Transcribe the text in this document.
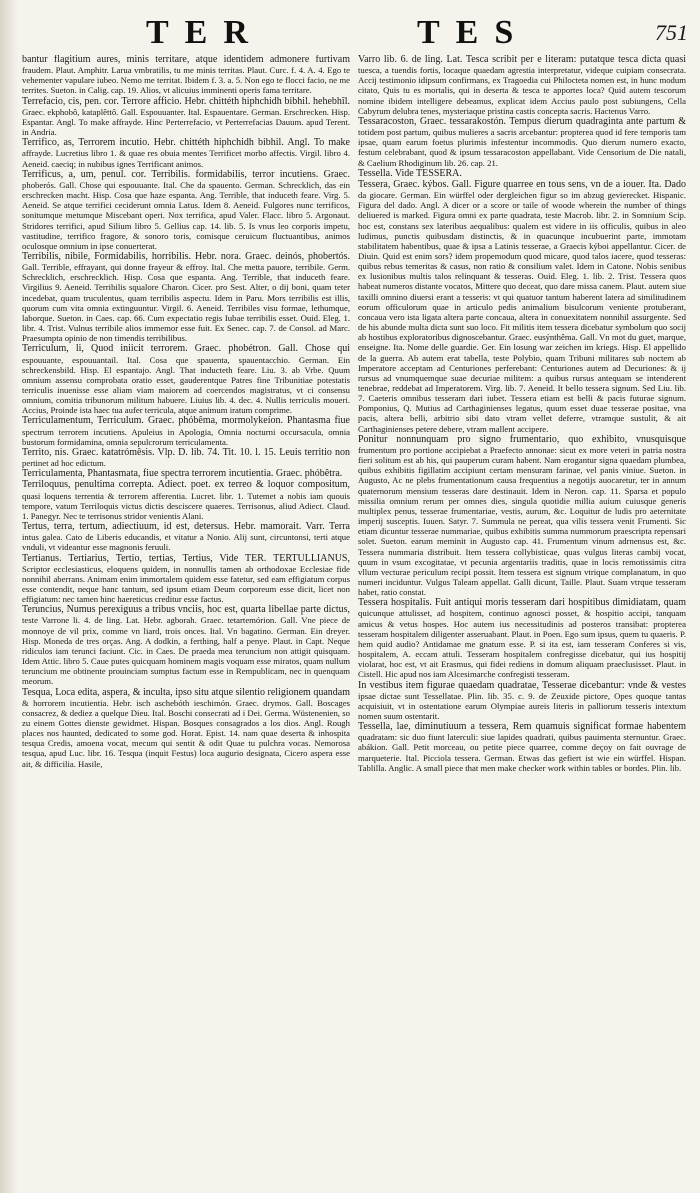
TER	TES	751

bantur flagitium aures, minis territare, atque identidem admonere furtivam fraudem. Plaut. Amphitr. Larua vmbratilis, tu me minis territas. Plaut. Curc. f. 4. A. 4. Ego te vehementer vapulare iubeo. Nemo me territat. Ibidem f. 3. a. 5. Non ego te flocci facio, ne me territes. Sueton. in Calig. cap. 19. Alios, vt alicuius imminenti operis fama territare.

Terrefacio, cis, pen. cor. Terrore afficio. Hebr. chittéth hiphchidh bibhil. hehebhîl. Graec. ekphobô, kataplêttô. Gall. Espouuanter. Ital. Espauentare. German. Erschrecken. Hisp. Espantar. Angl. To make affrayde. Hinc Perterrefacio, vt Perterrefacias Dauum. apud Terent. in Andria.

Terrifico, as, Terrorem incutio. Hebr. chittéth hiphchidh bibhil. Angl. To make affrayde. Lucretius libro 1. & quae res obuia mentes Terrificet morbo affectis. Virgil. libro 4. Aeneid. caeciq; in nubibus ignes Terrificant animos.

Terrificus, a, um, penul. cor. Terribilis. formidabilis, terror incutiens. Graec. phoberós. Gall. Chose qui espouuante. Ital. Che da spauento. German. Schrecklich, das ein erschrecken macht. Hisp. Cosa que haze espanta. Ang. Terrible, that induceth feare. Virg. 5. Aeneid. Se atque terrifici ceciderunt omnia Latus. Idem 8. Aeneid. Fulgores nunc terrificos, sonitumque metumque Miscebant operi. Nox terrifica, apud Valer. Flacc. libro 5. Argonaut. Stridores terrifici, apud Silium libro 5. Gellius cap. 14. lib. 5. Is vnus leo corporis impetu, vastitudine, terrifico fragore, & sonoro toris, comisque ceruicum fluctuantibus, animos oculosque omnium in ipse conuerterat.

Terribilis, nibile, Formidabilis, horribilis. Hebr. nora. Graec. deinós, phobertós. Gall. Terrible, effrayant, qui donne frayeur & effroy. Ital. Che metta pauore, terribile. Germ. Schrecklich, erschrecklich. Hisp. Cosa que espanta. Ang. Terrible, that induceth feare. Virgilius 9. Aeneid. Terribilis squalore Charon. Cicer. pro Sest. Alter, o dij boni, quam teter incedebat, quam truculentus, quam terribilis aspectu. Idem in Paru. Mors terribilis est illis, quorum cum vita omnia extinguuntur. Virgil. 6. Aeneid. Terribiles visu formae, lethumque, laborque. Sueton. in Caes. cap. 66. Cum expectatio regis Iubae terribilis esset. Ouid. Eleg. 1. libr. 4. Trist. Vulnus terribile alios immemor esse fuit. Ex Senec. cap. 7. de Consol. ad Marc. Praesumpta opinio de non timendis terribilibus.

Terriculum, li, Quod iniicit terrorem. Graec. phobétron. Gall. Chose qui espouuante, espouuantail. Ital. Cosa que spauenta, spauentacchio. German. Ein schreckensbild. Hisp. El espantajo. Angl. That inducteth feare. Liu. 3. ab Vrbe. Quum omnium assensu comprobata oratio esset, gauderentque Patres fine Tribunitiae potestatis terriculis inuenisse esse aliam viam maiorem ad coercendos magistratus, vt ci consensu omnium, comitia tribunorum militum habuere. Liuius lib. 4. dec. 4. Nullis terriculis moueri. Accius, Proinde ista haec tua aufer terricula, atque animum iratum comprime.

Terriculamentum, Terriculum. Graec. phóbêma, mormolykeíon. Phantasma fiue spectrum terrorem incutiens. Apuleius in Apologia, Omnia nocturni occursacula, omnia bustorum formidamina, omnia sepulcrorum terriculamenta.

Territo, nis. Graec. katatrómêsis. Vlp. D. lib. 74. Tit. 10. l. 15. Leuis territio non pertinet ad hoc edictum.

Terriculamenta, Phantasmata, fiue spectra terrorem incutientia. Graec. phóbêtra.

Terriloquus, penultima correpta. Adiect. poet. ex terreo & loquor compositum, quasi loquens terrentia & terrorem afferentia. Lucret. libr. 1. Tutemet a nobis iam quouis tempore, vatum Terriloquis victus dictis desciscere quaeres. Terrisonus, aliud Adiect. Claud. 1. Panegyr. Nec te terrisonus stridor venientis Alani.

Tertus, terra, tertum, adiectiuum, id est, detersus. Hebr. mamorait. Varr. Terra intus galea. Cato de Liberis educandis, et vitatur a Nonio. Alij sunt, circuntonsi, terti atque vnduli, vt videantur esse magnonis feruuli.

Tertianus. Tertiarius, Tertio, tertias, Tertius, Vide TER. TERTULLIANUS, Scriptor ecclesiasticus, eloquens quidem, in nonnullis tamen ab orthodoxae Ecclesiae fide nonnihil aberrans. Animam enim immortalem quidem esse fatetur, sed eam effigiatum corpus esse contendit, neque hanc tantum, sed ipsum etiam Deum corporeum esse dicit, licet non effigiatum: nec tamen hinc haereticus creditur esse factus.

Teruncius, Numus perexiguus a tribus vnciis, hoc est, quarta libellae parte dictus, teste Varrone li. 4. de ling. Lat. Hebr. agborah. Graec. tetartemórion. Gall. Vne piece de monnoye de vil prix, comme vn liard, trois onces. Ital. Vn bagatino. German. Ein dreyer. Hisp. Moneda de tres orças. Ang. A dodkin, a ferthing, half a penye. Plaut. in Capt. Neque ridiculos iam terunci faciunt. Cic. in Caes. De praeda mea teruncium non attigit quisquam. Idem Attic. libro 5. Caue putes quicquam hominem magis voquam esse miratos, quam nullum teruncium me obtinente prouinciam sumptus factum esse in Rempublicam, nec in quenquam meorum.

Tesqua, Loca edita, aspera, & inculta, ipso situ atque silentio religionem quandam & horrorem incutientia. Hebr. isch aschebóth ieschimón. Graec. drymos. Gall. Boscages consacrez, & dediez a quelque Dieu. Ital. Boschi consecrati ad i Dei. Germa. Wüstenenien, so zu einem Gottes dienste gewidmet. Hispan. Bosques consagrados a los dios. Angl. Rough places nos haunted, dedicated to some god. Horat. Epist. 14. nam quae deserta & inhospita tesqua Credis, amoena vocat, mecum qui sentit & odit Quae tu pulchra vocas. Nemorosa tesqua, apud Luc. libr. 16. Tesqua (inquit Festus) loca augurio designata, Cicero aspera esse ait, & difficilia. Hasile,

Varro lib. 6. de ling. Lat. Tesca scribit per e literam: putatque tesca dicta quasi tuesca, a tuendis fortis, locaque quaedam agrestia interpretatur, videque cuipiam consecrata. Accij testimonio idipsum confirmans, ex Tragoedia cui Philocteta nomen est, in hunc modum citato, Quis tu es mortalis, qui in deserta & tesca te apportes loca? Quid autem tescorum nomine ibidem intelligere debeamus, explicat idem Accius paulo post subiungens, Cella Cabyrum delubra tenes, mysteriaque pristina castis concepta sacris. Hactenus Varro.

Tessaracoston, Graec. tessarakostón. Tempus dierum quadraginta ante partum & totidem post partum, quibus mulieres a sacris arcebantur: propterea quod id fere temporis tam ipsae, quam earum foetus plurimis infestentur incommodis. Quo dierum numero exacto, festum celebrabant, quod & ipsum tessaracoston appellabant. Vide Censorium de Die natali, & Caelium Rhodiginum lib. 26. cap. 21.

Tessella. Vide TESSERA.

Tessera, Graec. kýbos. Gall. Figure quarree en tous sens, vn de a iouer. Ita. Dado da giocare. German. Ein würffel oder dergleichen figur so im abzug gevierecket. Hispanic. Figura del dado. Angl. A dicer or a score or taile of woode wherein the number of things deliuered is marked. Figura omni ex parte quadrata, teste Macrob. libr. 2. in Somnium Scip. hoc est, constans sex lateribus aequalibus: qualem est videre in iis officulis, quibus in aleo ludimus, punctis quibusdam distinctis, & in quacunque incubuerint parte, immotam stabilitatem habentibus, quae & ipsa a Latinis tesserae, a Graecis kýboi appellantur. Cicer. de Diuin. Quid est enim sors? idem propemodum quod micare, quod talos iacere, quod tesseras: quibus rebus temeritas & casus, non ratio & consilium valet. Idem in Catone. Nobis senibus ex lusionibus multis talos relinquant & tesseras. Ouid. Eleg. 1. lib. 2. Trist. Tessera quos habeat numeros distante vocatos, Mittere quo deceat, quo dare missa canem. Plaut. autem siue taxilli omnino diuersi erant a tesseris: vt qui quatuor tantum haberent latera ad similitudinem eorum officulorum quae in articulo pedis animalium bisulcorum veniente protuberant, concaua vero ista ligata altera parte concaua, altera in conuexitatem nonnihil assurgente. Sed de his abunde multa dicta sunt suo loco. Fit militis item tessera dicebatur symbolum quo socij ab hostibus exploratoribus dignoscebantur. Graec. eusýnthêma. Gall. Vn mot du guet, marque, enseigne. Ita. Nome delle guardie. Ger. Ein losung war zeichen im kriegs. Hisp. El appellido de la guerra. Ab autem erat tabella, teste Polybio, quam Tribuni militares sub noctem ab Imperatore acceptam ad Centuriones perferebant: Centuriones autem ad Decuriones: & ij rursus ad vnumquemque suae decuriae militem: a quibus rursus antequam se intenderent tenebrae, reddebat ad Imperatorem. Virg. lib. 7. Aeneid. It bello tessera signum. Sed Liu. lib. 7. Caeteris omnibus tesseram dari iubet. Tessera etiam est belli & pacis futurae signum. Pomponius, Q. Mutius ad Carthaginienses legatus, quum esset duae tesserae positae, vna pacis, altera belli, arbitrio sibi dato vtram vellet deferre, vtramque sustulit, & ait Carthaginienses petere debere, vtram mallent accipere.

Ponitur nonnunquam pro signo frumentario, quo exhibito, vnusquisque frumentum pro portione accipiebat a Praefecto annonae: sicut ex more veteri in patria nostra fieri solitum est ab his, qui pauperum curam habent. Nam erogantur signa quaedam plumbea, quibus exhibitis figillatim accipiunt certam mensuram farinae, vel panis viniue. Sueton. in Augusto, Ac ne plebs frumentationum causa frequentius a negotijs auocaretur, ter in annum quaternorum mensium tesseras dare destinauit. Idem in Neron. cap. 11. Sparsa et populo missilia omnium rerum per omnes dies, singula quotidie millia auium cuiusque generis multiplex penus, tesserae frumentariae, vestis, aurum, &c. Loquitur de ludis pro aeternitate imperij susceptis. Iuuen. Satyr. 7. Summula ne pereat, qua vilis tessera venit Frumenti. Sic etiam dicuntur tesserae nummariae, quibus exhibitis summa nummorum praescripta repensari solet. Sueton. earum meminit in Augusto cap. 41. Frumentum vinum adrnensus est, &c. Tessera nummaria distribuit. Item tessera collybisticae, quas vulgus literas cambij vocat, quum in vsum excogitatae, vt pecunia argentariis traditis, quae in locis remotissimis citra vllum vecturae periculum recipi possit. Item tessera est signum vtrique complanatum, in quo numeri inciduntur. Vulgus Taleam appellat. Galli dicunt, Taille. Plaut. Suam vtrque tesseram habet, ratio constat.

Tessera hospitalis. Fuit antiqui moris tesseram dari hospitibus dimidiatam, quam quicunque attulisset, ad hospitem, continuo agnosci posset, & hospitio accipi, tanquam amicus & vetus hospes. Hoc autem ius necessitudinis ad posteros transibat: propterea tesseram hospitalem diligenter asseruabant. Plaut. in Poen. Ego sum ipsus, quem tu quaeris. P. hem quid audio? Antidamae me gnatum esse. P. si ita est, iam tesseram Conferes si vis, hospitalem, A. eccam attuli. Tesseram hospitalem confregisse dicebatur, qui ius hospitij violarat, hoc est, vt ait Erasmus, qui fidei rediens in domum aliquam praeclusisset. Plaut. in Cistell. Hic apud nos iam Alcesimarche confregisti tesseram.

In vestibus item figurae quaedam quadratae, Tesserae dicebantur: vnde & vestes ipsae dictae sunt Tessellatae. Plin. lib. 35. c. 9. de Zeuxide pictore, Opes quoque tantas acquisiuit, vt in ostentatione earum Olympiae aureis literis in palliorum tesseris intextum nomen suum ostentarit.

Tessella, lae, diminutiuum a tessera, Rem quamuis significat formae habentem quadratam: sic duo fiunt laterculi: siue lapides quadrati, quibus pauimenta sternuntur. Graec. abákion. Gall. Petit morceau, ou petite piece quarree, comme deçoy on fait ouvrage de marqueterie. Ital. Picciola tessera. German. Etwas das gefiert ist wie ein würffel. Hispan. Tablilla. Anglic. A small piece that men make checker work within tables or bordes. Plin. lib.
